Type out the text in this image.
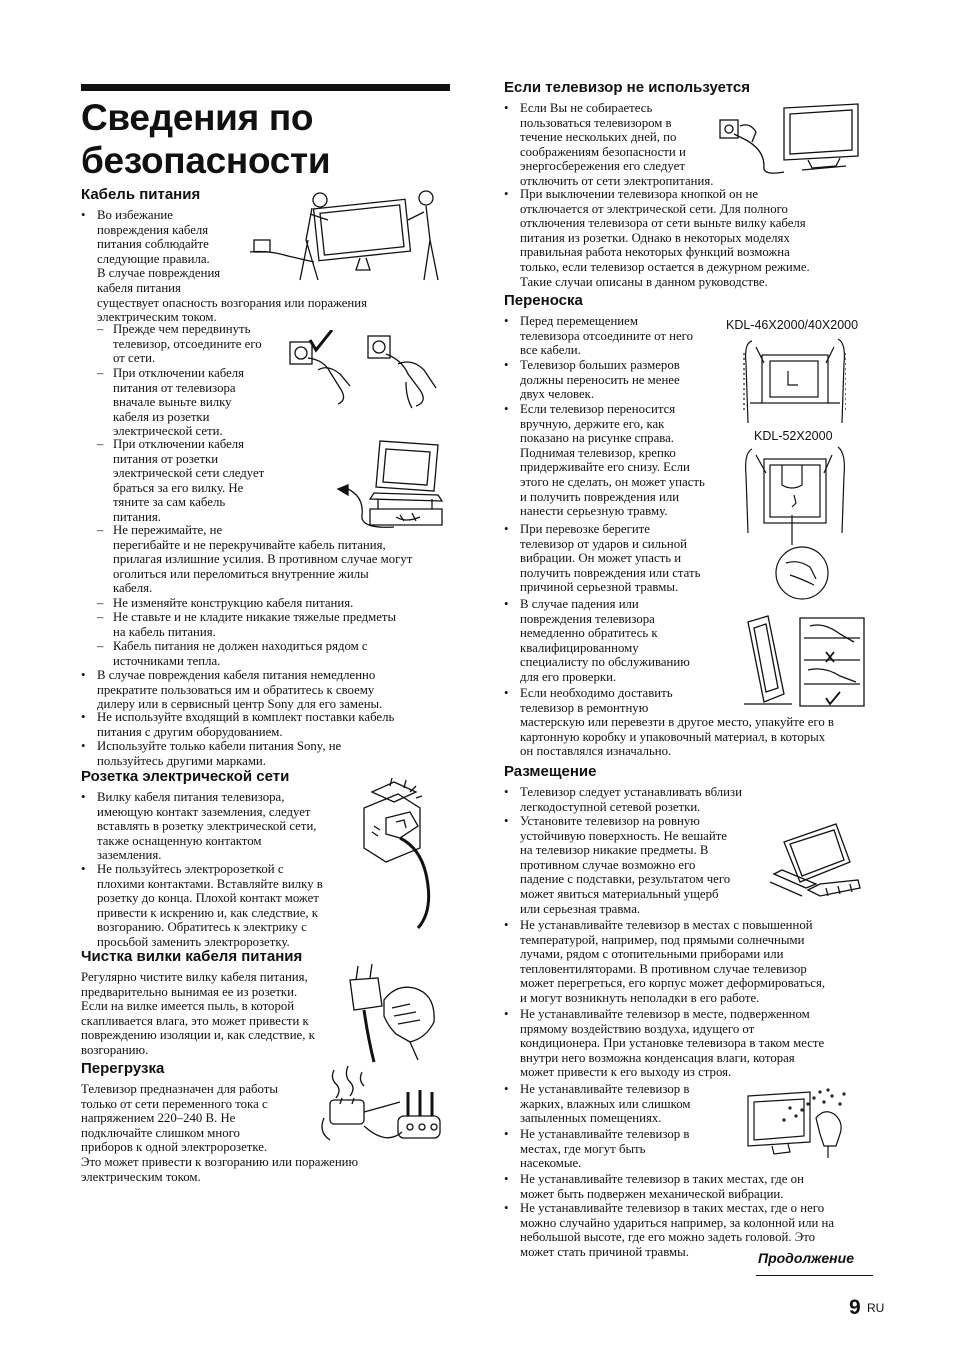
Сведения по
безопасности
Кабель питания
• Во избежание
повреждения кабеля
питания соблюдайте
следующие правила.
В случае повреждения
кабеля питания
существует опасность возгорания или поражения
электрическим током.
– Прежде чем передвинуть
телевизор, отсоедините его
от сети.
– При отключении кабеля
питания от телевизора
вначале выньте вилку
кабеля из розетки
электрической сети.
– При отключении кабеля
питания от розетки
электрической сети следует
браться за его вилку. Не
тяните за сам кабель
питания.
– Не пережимайте, не
перегибайте и не перекручивайте кабель питания,
прилагая излишние усилия. В противном случае могут
оголиться или переломиться внутренние жилы
кабеля.
– Не изменяйте конструкцию кабеля питания.
– Не ставьте и не кладите никакие тяжелые предметы
на кабель питания.
– Кабель питания не должен находиться рядом с
источниками тепла.
• В случае повреждения кабеля питания немедленно
прекратите пользоваться им и обратитесь к своему
дилеру или в сервисный центр Sony для его замены.
• Не используйте входящий в комплект поставки кабель
питания с другим оборудованием.
• Используйте только кабели питания Sony, не
пользуйтесь другими марками.
Розетка электрической сети
• Вилку кабеля питания телевизора,
имеющую контакт заземления, следует
вставлять в розетку электрической сети,
также оснащенную контактом
заземления.
• Не пользуйтесь электророзеткой с
плохими контактами. Вставляйте вилку в
розетку до конца. Плохой контакт может
привести к искрению и, как следствие, к
возгоранию. Обратитесь к электрику с
просьбой заменить электророзетку.
Чистка вилки кабеля питания
Регулярно чистите вилку кабеля питания,
предварительно вынимая ее из розетки.
Если на вилке имеется пыль, в которой
скапливается влага, это может привести к
повреждению изоляции и, как следствие, к
возгоранию.
Перегрузка
Телевизор предназначен для работы
только от сети переменного тока с
напряжением 220–240 В. Не
подключайте слишком много
приборов к одной электророзетке.
Это может привести к возгоранию или поражению
электрическим током.
Если телевизор не используется
• Если Вы не собираетесь
пользоваться телевизором в
течение нескольких дней, по
соображениям безопасности и
энергосбережения его следует
отключить от сети электропитания.
• При выключении телевизора кнопкой он не
отключается от электрической сети. Для полного
отключения телевизора от сети выньте вилку кабеля
питания из розетки. Однако в некоторых моделях
правильная работа некоторых функций возможна
только, если телевизор остается в дежурном режиме.
Такие случаи описаны в данном руководстве.
Переноска
• Перед перемещением
телевизора отсоедините от него
все кабели.
• Телевизор больших размеров
должны переносить не менее
двух человек.
• Если телевизор переносится
вручную, держите его, как
показано на рисунке справа.
Поднимая телевизор, крепко
придерживайте его снизу. Если
этого не сделать, он может упасть
и получить повреждения или
нанести серьезную травму.
• При перевозке берегите
телевизор от ударов и сильной
вибрации. Он может упасть и
получить повреждения или стать
причиной серьезной травмы.
• В случае падения или
повреждения телевизора
немедленно обратитесь к
квалифицированному
специалисту по обслуживанию
для его проверки.
• Если необходимо доставить
телевизор в ремонтную
мастерскую или перевезти в другое место, упакуйте его в
картонную коробку и упаковочный материал, в которых
он поставлялся изначально.
KDL-46X2000/40X2000
KDL-52X2000
Размещение
• Телевизор следует устанавливать вблизи
легкодоступной сетевой розетки.
• Установите телевизор на ровную
устойчивую поверхность. Не вешайте
на телевизор никакие предметы. В
противном случае возможно его
падение с подставки, результатом чего
может явиться материальный ущерб
или серьезная травма.
• Не устанавливайте телевизор в местах с повышенной
температурой, например, под прямыми солнечными
лучами, рядом с отопительными приборами или
тепловентиляторами. В противном случае телевизор
может перегреться, его корпус может деформироваться,
и могут возникнуть неполадки в его работе.
• Не устанавливайте телевизор в месте, подверженном
прямому воздействию воздуха, идущего от
кондиционера. При установке телевизора в таком месте
внутри него возможна конденсация влаги, которая
может привести к его выходу из строя.
• Не устанавливайте телевизор в
жарких, влажных или слишком
запыленных помещениях.
• Не устанавливайте телевизор в
местах, где могут быть
насекомые.
• Не устанавливайте телевизор в таких местах, где он
может быть подвержен механической вибрации.
• Не устанавливайте телевизор в таких местах, где о него
можно случайно удариться например, за колонной или на
небольшой высоте, где его можно задеть головой. Это
может стать причиной травмы.	Продолжение
9 RU
